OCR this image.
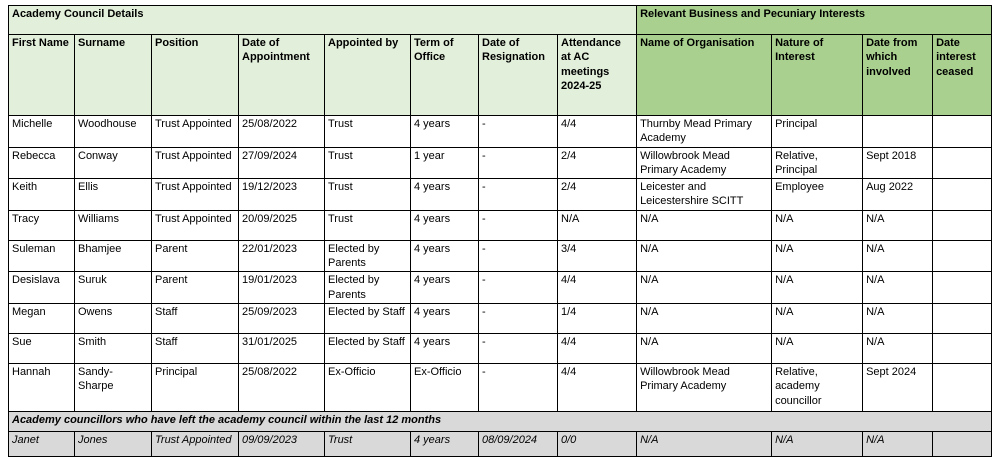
Academy Council Details								Relevant Business and Pecuniary Interests			
First Name	Surname	Position	Date of Appointment	Appointed by	Term of Office	Date of Resignation	Attendance at AC meetings 2024-25	Name of Organisation	Nature of Interest	Date from which involved	Date interest ceased
Michelle	Woodhouse	Trust Appointed	25/08/2022	Trust	4 years	-	4/4	Thurnby Mead Primary Academy	Principal		
Rebecca	Conway	Trust Appointed	27/09/2024	Trust	1 year	-	2/4	Willowbrook Mead Primary Academy	Relative, Principal	Sept 2018	
Keith	Ellis	Trust Appointed	19/12/2023	Trust	4 years	-	2/4	Leicester and Leicestershire SCITT	Employee	Aug 2022	
Tracy	Williams	Trust Appointed	20/09/2025	Trust	4 years	-	N/A	N/A	N/A	N/A	
Suleman	Bhamjee	Parent	22/01/2023	Elected by Parents	4 years	-	3/4	N/A	N/A	N/A	
Desislava	Suruk	Parent	19/01/2023	Elected by Parents	4 years	-	4/4	N/A	N/A	N/A	
Megan	Owens	Staff	25/09/2023	Elected by Staff	4 years	-	1/4	N/A	N/A	N/A	
Sue	Smith	Staff	31/01/2025	Elected by Staff	4 years	-	4/4	N/A	N/A	N/A	
Hannah	Sandy-Sharpe	Principal	25/08/2022	Ex-Officio	Ex-Officio	-	4/4	Willowbrook Mead Primary Academy	Relative, academy councillor	Sept 2024	
Academy councillors who have left the academy council within the last 12 months											
Janet	Jones	Trust Appointed	09/09/2023	Trust	4 years	08/09/2024	0/0	N/A	N/A	N/A	
